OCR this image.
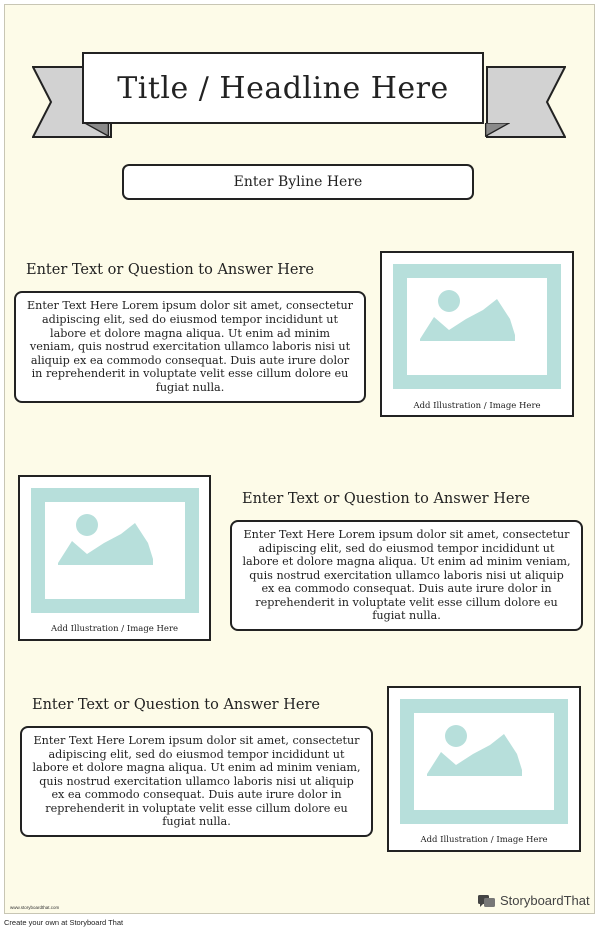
Title / Headline Here
Enter Byline Here
Enter Text or Question to Answer Here
Enter Text Here Lorem ipsum dolor sit amet, consectetur adipiscing elit, sed do eiusmod tempor incididunt ut labore et dolore magna aliqua. Ut enim ad minim veniam, quis nostrud exercitation ullamco laboris nisi ut aliquip ex ea commodo consequat. Duis aute irure dolor in reprehenderit in voluptate velit esse cillum dolore eu fugiat nulla.
Add Illustration / Image Here
Add Illustration / Image Here
Enter Text or Question to Answer Here
Enter Text Here Lorem ipsum dolor sit amet, consectetur adipiscing elit, sed do eiusmod tempor incididunt ut labore et dolore magna aliqua. Ut enim ad minim veniam, quis nostrud exercitation ullamco laboris nisi ut aliquip ex ea commodo consequat. Duis aute irure dolor in reprehenderit in voluptate velit esse cillum dolore eu fugiat nulla.
Enter Text or Question to Answer Here
Enter Text Here Lorem ipsum dolor sit amet, consectetur adipiscing elit, sed do eiusmod tempor incididunt ut labore et dolore magna aliqua. Ut enim ad minim veniam, quis nostrud exercitation ullamco laboris nisi ut aliquip ex ea commodo consequat. Duis aute irure dolor in reprehenderit in voluptate velit esse cillum dolore eu fugiat nulla.
Add Illustration / Image Here
www.storyboardthat.com	StoryboardThat
Create your own at Storyboard That
